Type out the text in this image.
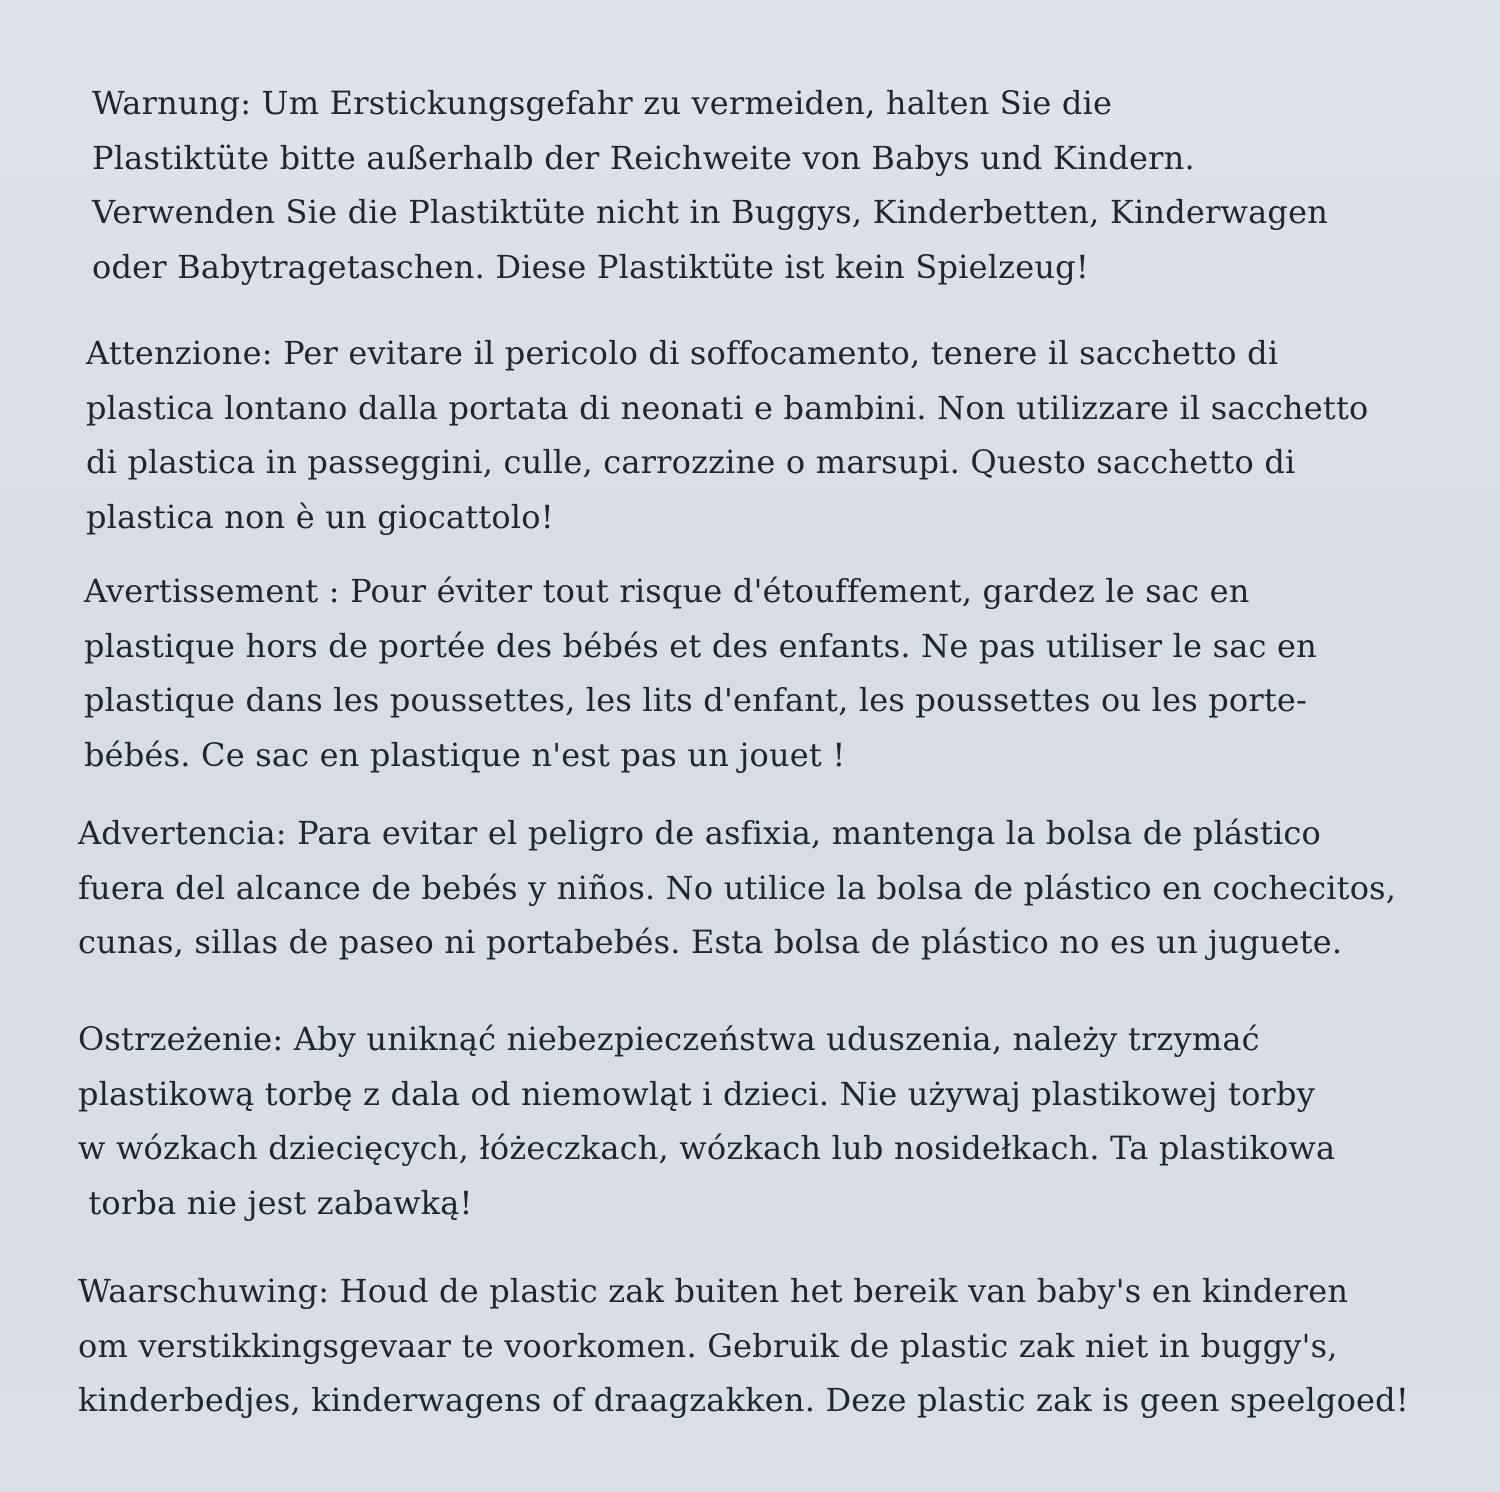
Warnung: Um Erstickungsgefahr zu vermeiden, halten Sie die
Plastiktüte bitte außerhalb der Reichweite von Babys und Kindern.
Verwenden Sie die Plastiktüte nicht in Buggys, Kinderbetten, Kinderwagen
oder Babytragetaschen. Diese Plastiktüte ist kein Spielzeug!
Attenzione: Per evitare il pericolo di soffocamento, tenere il sacchetto di
plastica lontano dalla portata di neonati e bambini. Non utilizzare il sacchetto
di plastica in passeggini, culle, carrozzine o marsupi. Questo sacchetto di
plastica non è un giocattolo!
Avertissement : Pour éviter tout risque d'étouffement, gardez le sac en
plastique hors de portée des bébés et des enfants. Ne pas utiliser le sac en
plastique dans les poussettes, les lits d'enfant, les poussettes ou les porte-
bébés. Ce sac en plastique n'est pas un jouet !
Advertencia: Para evitar el peligro de asfixia, mantenga la bolsa de plástico
fuera del alcance de bebés y niños. No utilice la bolsa de plástico en cochecitos,
cunas, sillas de paseo ni portabebés. Esta bolsa de plástico no es un juguete.
Ostrzeżenie: Aby uniknąć niebezpieczeństwa uduszenia, należy trzymać
plastikową torbę z dala od niemowląt i dzieci. Nie używaj plastikowej torby
w wózkach dziecięcych, łóżeczkach, wózkach lub nosidełkach. Ta plastikowa
torba nie jest zabawką!
Waarschuwing: Houd de plastic zak buiten het bereik van baby's en kinderen
om verstikkingsgevaar te voorkomen. Gebruik de plastic zak niet in buggy's,
kinderbedjes, kinderwagens of draagzakken. Deze plastic zak is geen speelgoed!
